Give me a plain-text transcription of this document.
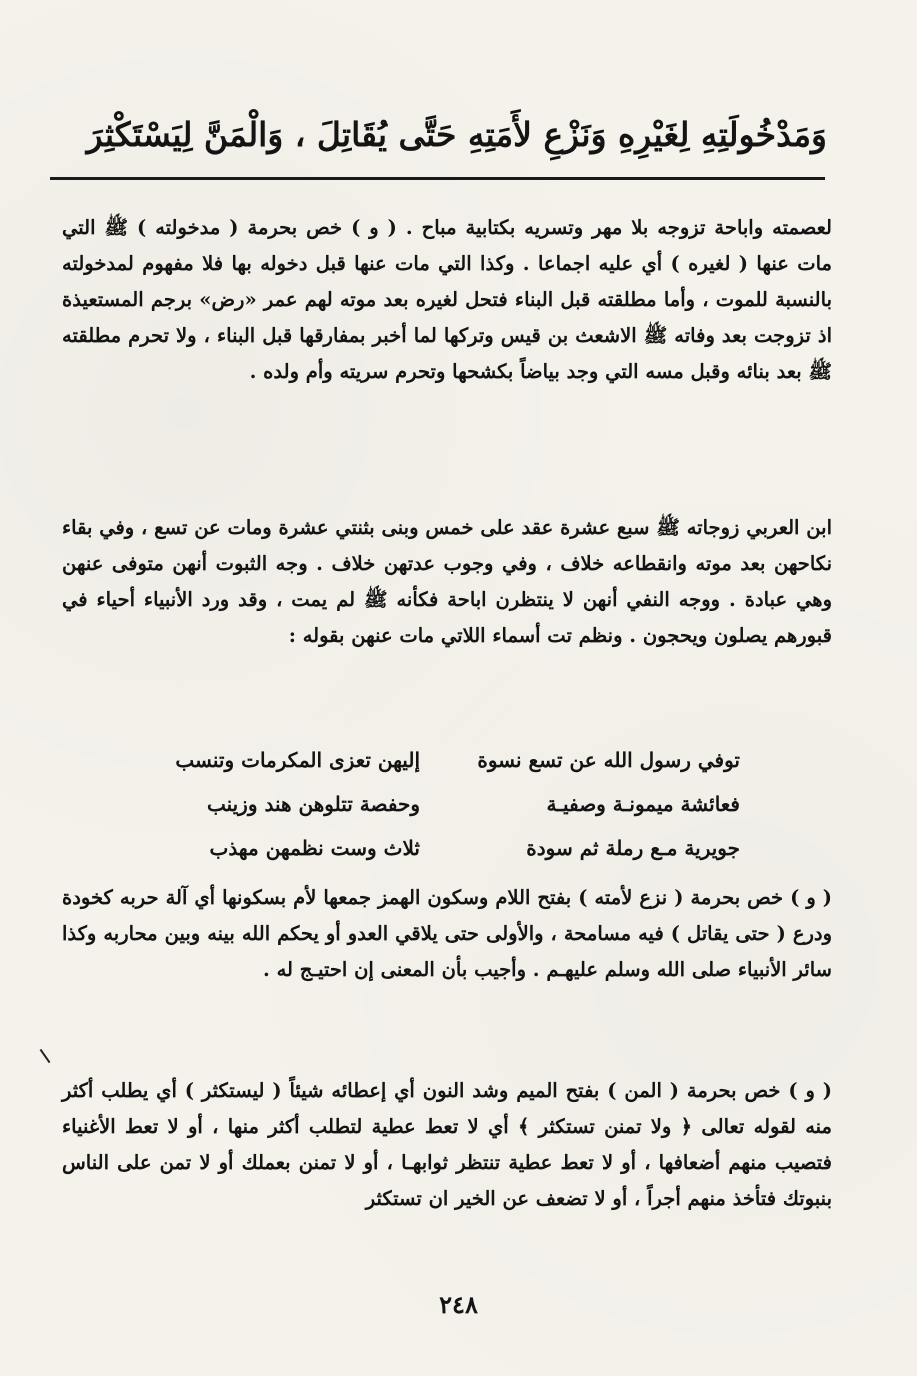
وَمَدْخُولَتِهِ لِغَيْرِهِ وَنَزْعِ لأَمَتِهِ حَتَّى يُقَاتِلَ ، وَالْمَنَّ لِيَسْتَكْثِرَ
لعصمته واباحة تزوجه بلا مهر وتسريه بكتابية مباح . ( و ) خص بحرمة ( مدخولته ) ﷺ التي مات عنها ( لغيره ) أي عليه اجماعا . وكذا التي مات عنها قبل دخوله بها فلا مفهوم لمدخولته بالنسبة للموت ، وأما مطلقته قبل البناء فتحل لغيره بعد موته لهم عمر «رض» برجم المستعيذة اذ تزوجت بعد وفاته ﷺ الاشعث بن قيس وتركها لما أخبر بمفارقها قبل البناء ، ولا تحرم مطلقته ﷺ بعد بنائه وقبل مسه التي وجد بياضاً بكشحها وتحرم سريته وأم ولده .
ابن العربي زوجاته ﷺ سبع عشرة عقد على خمس وبنى بثنتي عشرة ومات عن تسع ، وفي بقاء نكاحهن بعد موته وانقطاعه خلاف ، وفي وجوب عدتهن خلاف . وجه الثبوت أنهن متوفى عنهن وهي عبادة . ووجه النفي أنهن لا ينتظرن اباحة فكأنه ﷺ لم يمت ، وقد ورد الأنبياء أحياء في قبورهم يصلون ويحجون . ونظم تت أسماء اللاتي مات عنهن بقوله :
توفي رسول الله عن تسع نسوة
إليهن تعزى المكرمات وتنسب
فعائشة ميمونـة وصفيـة
وحفصة تتلوهن هند وزينب
جويرية مـع رملة ثم سودة
ثلاث وست نظمهن مهذب
( و ) خص بحرمة ( نزع لأمته ) بفتح اللام وسكون الهمز جمعها لأم بسكونها أي آلة حربه كخودة ودرع ( حتى يقاتل ) فيه مسامحة ، والأولى حتى يلاقي العدو أو يحكم الله بينه وبين محاربه وكذا سائر الأنبياء صلى الله وسلم عليهـم . وأجيب بأن المعنى إن احتيـج له .
( و ) خص بحرمة ( المن ) بفتح الميم وشد النون أي إعطائه شيئاً ( ليستكثر ) أي يطلب أكثر منه لقوله تعالى ﴿ ولا تمنن تستكثر ﴾ أي لا تعط عطية لتطلب أكثر منها ، أو لا تعط الأغنياء فتصيب منهم أضعافها ، أو لا تعط عطية تنتظر ثوابهـا ، أو لا تمنن بعملك أو لا تمن على الناس بنبوتك فتأخذ منهم أجراً ، أو لا تضعف عن الخير ان تستكثر
٢٤٨
